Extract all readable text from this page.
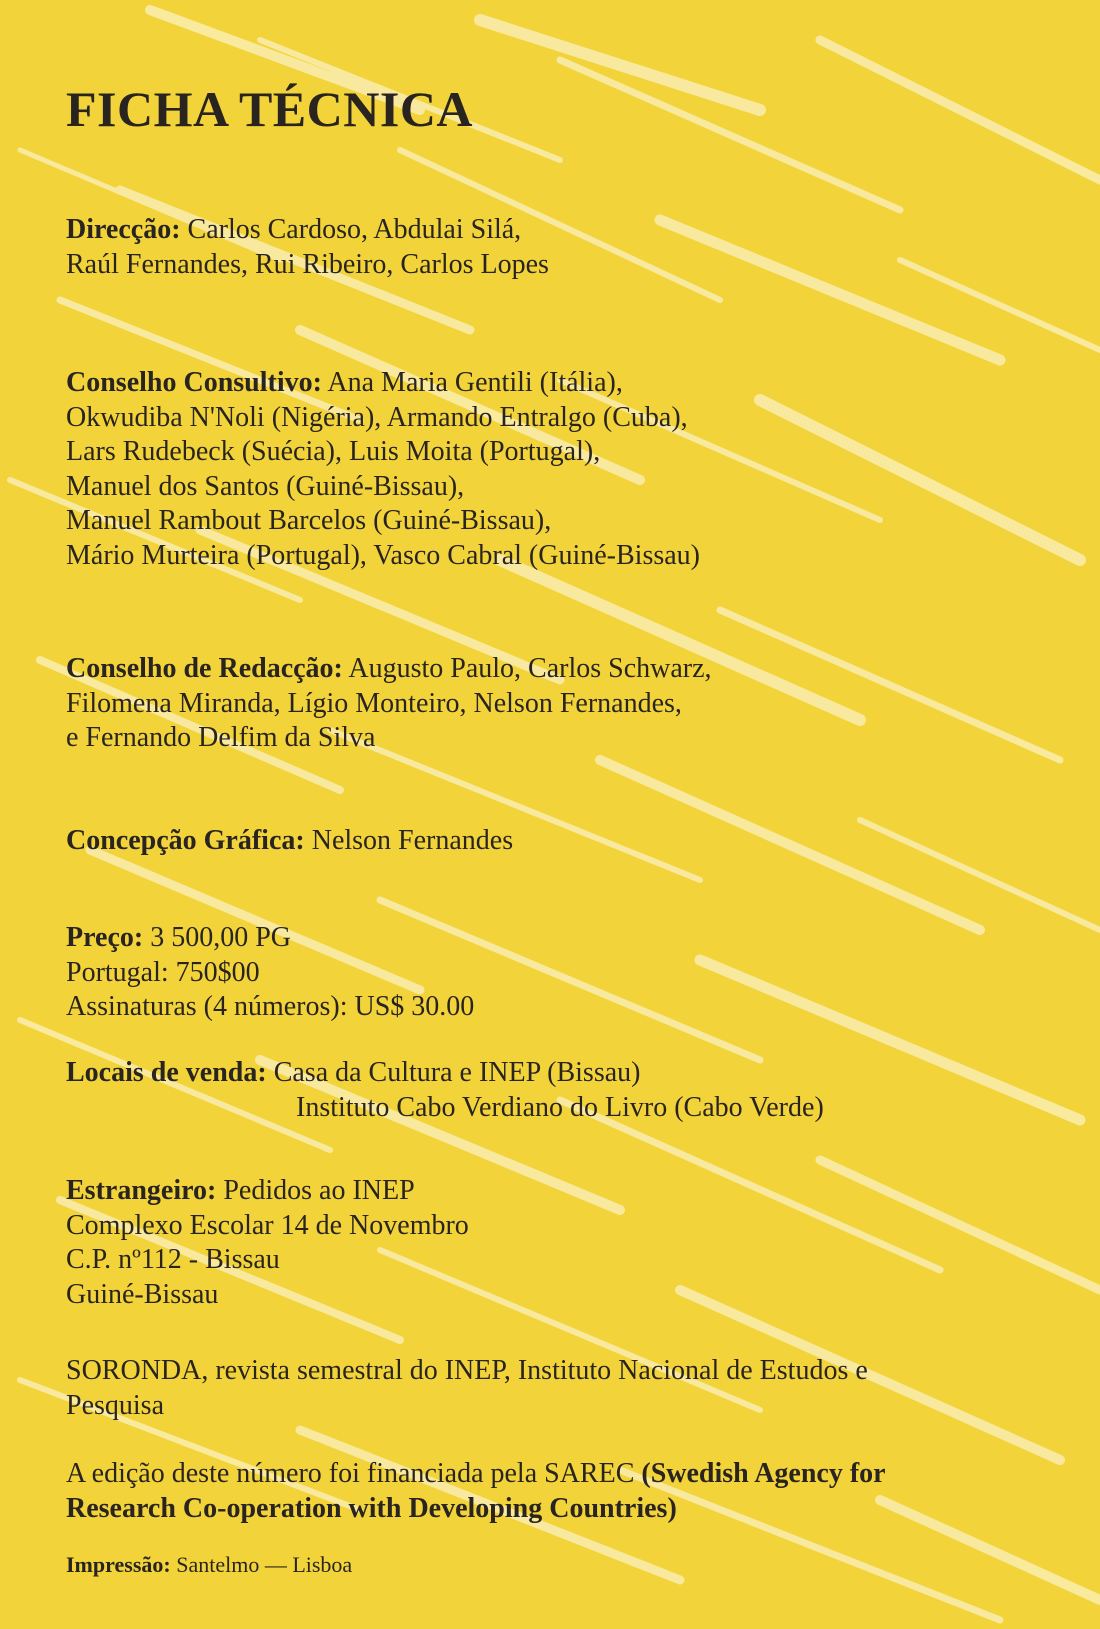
FICHA TÉCNICA
Direcção: Carlos Cardoso, Abdulai Silá,
Raúl Fernandes, Rui Ribeiro, Carlos Lopes
Conselho Consultivo: Ana Maria Gentili (Itália),
Okwudiba N'Noli (Nigéria), Armando Entralgo (Cuba),
Lars Rudebeck (Suécia), Luis Moita (Portugal),
Manuel dos Santos (Guiné-Bissau),
Manuel Rambout Barcelos (Guiné-Bissau),
Mário Murteira (Portugal), Vasco Cabral (Guiné-Bissau)
Conselho de Redacção: Augusto Paulo, Carlos Schwarz,
Filomena Miranda, Lígio Monteiro, Nelson Fernandes,
e Fernando Delfim da Silva
Concepção Gráfica: Nelson Fernandes
Preço: 3 500,00 PG
Portugal: 750$00
Assinaturas (4 números): US$ 30.00
Locais de venda: Casa da Cultura e INEP (Bissau)
Instituto Cabo Verdiano do Livro (Cabo Verde)
Estrangeiro: Pedidos ao INEP
Complexo Escolar 14 de Novembro
C.P. nº112 - Bissau
Guiné-Bissau
SORONDA, revista semestral do INEP, Instituto Nacional de Estudos e
Pesquisa
A edição deste número foi financiada pela SAREC (Swedish Agency for
Research Co-operation with Developing Countries)
Impressão: Santelmo — Lisboa
